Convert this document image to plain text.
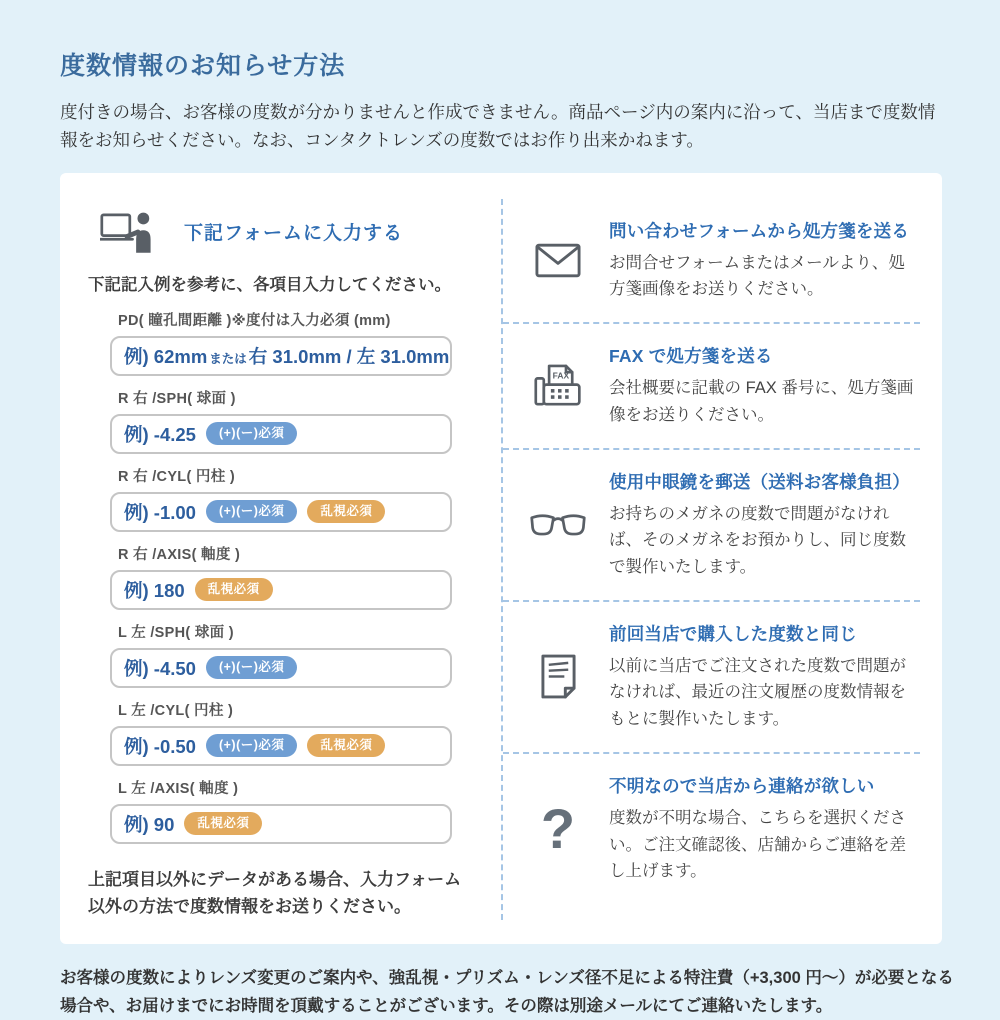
度数情報のお知らせ方法

度付きの場合、お客様の度数が分かりませんと作成できません。商品ページ内の案内に沿って、当店まで度数情報をお知らせください。なお、コンタクトレンズの度数ではお作り出来かねます。

下記フォームに入力する

下記記入例を参考に、各項目入力してください。

PD( 瞳孔間距離 )※度付は入力必須 (mm)
例) 62mm または 右 31.0mm / 左 31.0mm
R 右 /SPH( 球面 )
例) -4.25	(+)(ー)必須
R 右 /CYL( 円柱 )
例) -1.00	(+)(ー)必須	乱視必須
R 右 /AXIS( 軸度 )
例) 180	乱視必須
L 左 /SPH( 球面 )
例) -4.50	(+)(ー)必須
L 左 /CYL( 円柱 )
例) -0.50	(+)(ー)必須	乱視必須
L 左 /AXIS( 軸度 )
例) 90	乱視必須

上記項目以外にデータがある場合、入力フォーム以外の方法で度数情報をお送りください。

問い合わせフォームから処方箋を送る
お問合せフォームまたはメールより、処方箋画像をお送りください。
FAX
FAX で処方箋を送る
会社概要に記載の FAX 番号に、処方箋画像をお送りください。
使用中眼鏡を郵送（送料お客様負担）
お持ちのメガネの度数で問題がなければ、そのメガネをお預かりし、同じ度数で製作いたします。
前回当店で購入した度数と同じ
以前に当店でご注文された度数で問題がなければ、最近の注文履歴の度数情報をもとに製作いたします。
?
不明なので当店から連絡が欲しい
度数が不明な場合、こちらを選択ください。ご注文確認後、店舗からご連絡を差し上げます。

お客様の度数によりレンズ変更のご案内や、強乱視・プリズム・レンズ径不足による特注費（+3,300 円〜）が必要となる場合や、お届けまでにお時間を頂戴することがございます。その際は別途メールにてご連絡いたします。
